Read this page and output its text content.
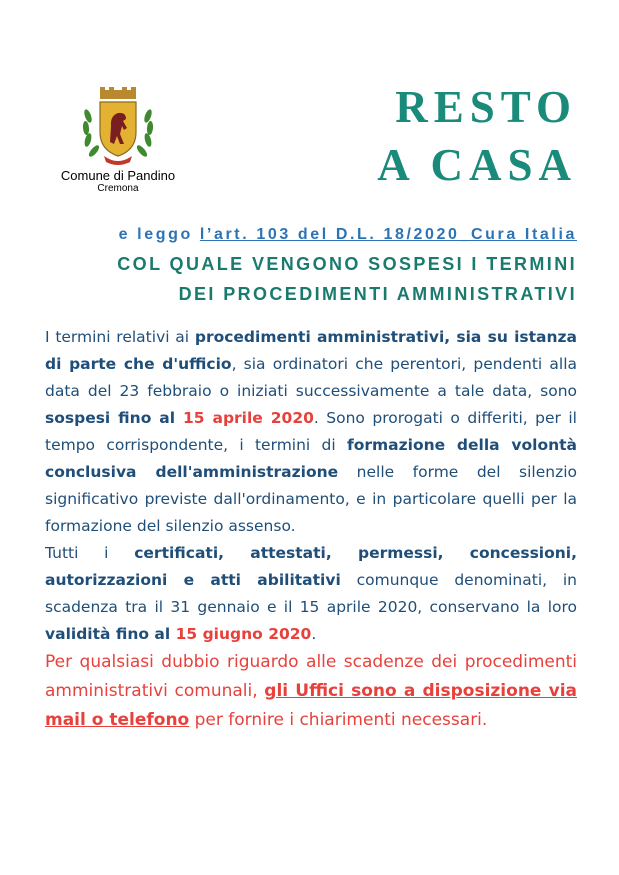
Comune di Pandino
Cremona
RESTO
A CASA
e leggo l’art. 103 del D.L. 18/2020_Cura Italia
COL QUALE VENGONO SOSPESI I TERMINI
DEI PROCEDIMENTI AMMINISTRATIVI

I termini relativi ai procedimenti amministrativi, sia su istanza di parte che d'ufficio, sia ordinatori che perentori, pendenti alla data del 23 febbraio o iniziati successivamente a tale data, sono sospesi fino al 15 aprile 2020. Sono prorogati o differiti, per il tempo corrispondente, i termini di formazione della volontà conclusiva dell'amministrazione nelle forme del silenzio significativo previste dall'ordinamento, e in particolare quelli per la formazione del silenzio assenso.

Tutti i certificati, attestati, permessi, concessioni, autorizzazioni e atti abilitativi comunque denominati, in scadenza tra il 31 gennaio e il 15 aprile 2020, conservano la loro validità fino al 15 giugno 2020.

Per qualsiasi dubbio riguardo alle scadenze dei procedimenti amministrativi comunali, gli Uffici sono a disposizione via mail o telefono per fornire i chiarimenti necessari.
